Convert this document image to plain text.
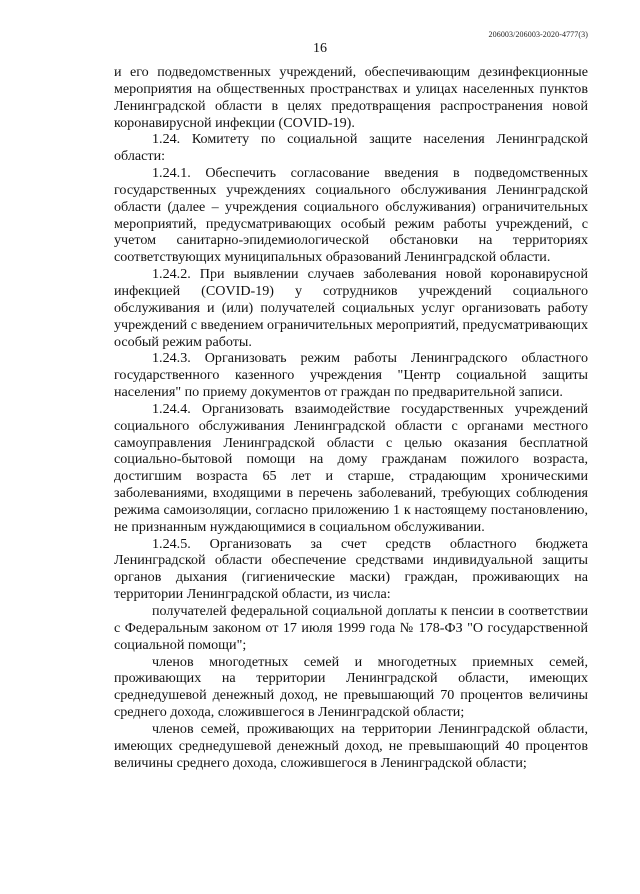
206003/206003-2020-4777(3)
16

и его подведомственных учреждений, обеспечивающим дезинфекционные мероприятия на общественных пространствах и улицах населенных пунктов Ленинградской области в целях предотвращения распространения новой коронавирусной инфекции (COVID-19).

1.24. Комитету по социальной защите населения Ленинградской области:

1.24.1. Обеспечить согласование введения в подведомственных государственных учреждениях социального обслуживания Ленинградской области (далее – учреждения социального обслуживания) ограничительных мероприятий, предусматривающих особый режим работы учреждений, с учетом санитарно-эпидемиологической обстановки на территориях соответствующих муниципальных образований Ленинградской области.

1.24.2. При выявлении случаев заболевания новой коронавирусной инфекцией (COVID-19) у сотрудников учреждений социального обслуживания и (или) получателей социальных услуг организовать работу учреждений с введением ограничительных мероприятий, предусматривающих особый режим работы.

1.24.3. Организовать режим работы Ленинградского областного государственного казенного учреждения "Центр социальной защиты населения" по приему документов от граждан по предварительной записи.

1.24.4. Организовать взаимодействие государственных учреждений социального обслуживания Ленинградской области с органами местного самоуправления Ленинградской области с целью оказания бесплатной социально-бытовой помощи на дому гражданам пожилого возраста, достигшим возраста 65 лет и старше, страдающим хроническими заболеваниями, входящими в перечень заболеваний, требующих соблюдения режима самоизоляции, согласно приложению 1 к настоящему постановлению, не признанным нуждающимися в социальном обслуживании.

1.24.5. Организовать за счет средств областного бюджета Ленинградской области обеспечение средствами индивидуальной защиты органов дыхания (гигиенические маски) граждан, проживающих на территории Ленинградской области, из числа:

получателей федеральной социальной доплаты к пенсии в соответствии с Федеральным законом от 17 июля 1999 года № 178-ФЗ "О государственной социальной помощи";

членов многодетных семей и многодетных приемных семей, проживающих на территории Ленинградской области, имеющих среднедушевой денежный доход, не превышающий 70 процентов величины среднего дохода, сложившегося в Ленинградской области;

членов семей, проживающих на территории Ленинградской области, имеющих среднедушевой денежный доход, не превышающий 40 процентов величины среднего дохода, сложившегося в Ленинградской области;
